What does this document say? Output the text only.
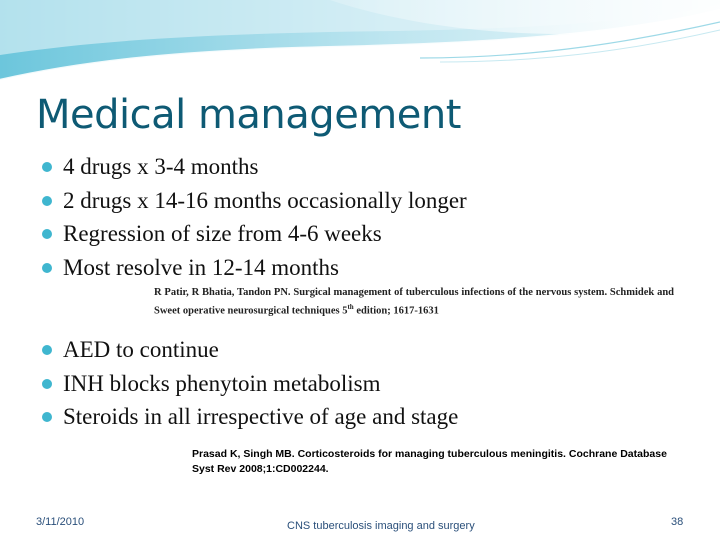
Medical management
4 drugs x 3-4 months
2 drugs x 14-16 months occasionally longer
Regression of size from 4-6 weeks
Most resolve in 12-14 months
R Patir, R Bhatia, Tandon PN. Surgical management of tuberculous infections of the nervous system. Schmidek and Sweet operative neurosurgical techniques 5th edition; 1617-1631
AED to continue
INH blocks phenytoin metabolism
Steroids in all irrespective of age and stage
Prasad K, Singh MB. Corticosteroids for managing tuberculous meningitis. Cochrane Database Syst Rev 2008;1:CD002244.
3/11/2010	CNS tuberculosis imaging and surgery	38
